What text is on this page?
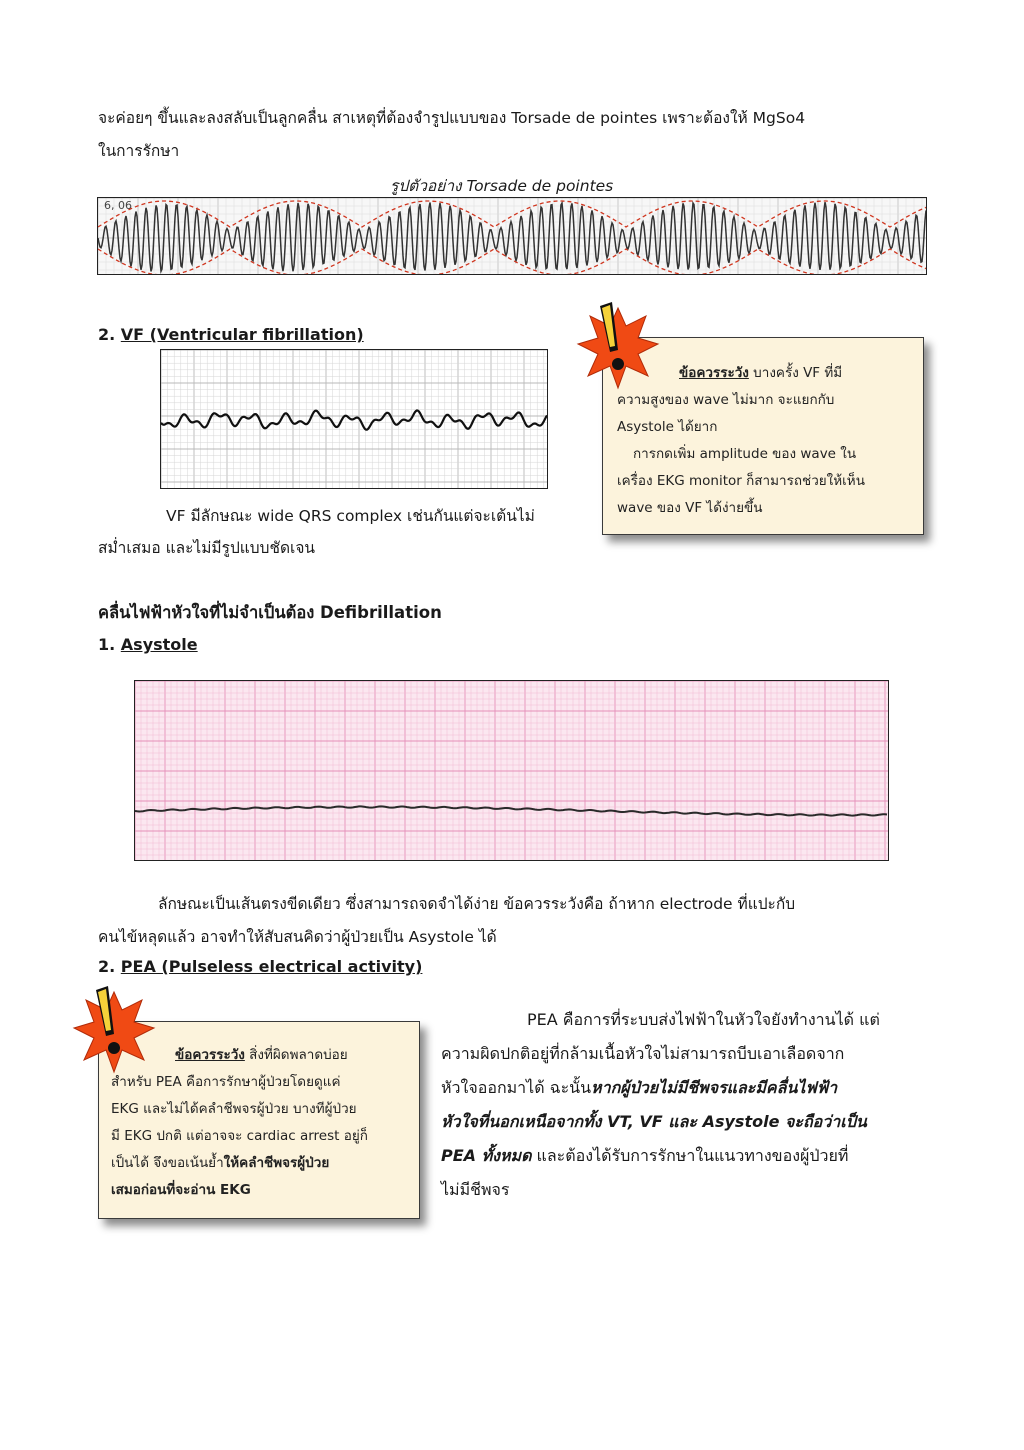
จะค่อยๆ ขึ้นและลงสลับเป็นลูกคลื่น สาเหตุที่ต้องจำรูปแบบของ Torsade de pointes เพราะต้องให้ MgSo4
ในการรักษา
รูปตัวอย่าง Torsade de pointes
6, 06
2. VF (Ventricular fibrillation)
VF มีลักษณะ wide QRS complex เช่นกันแต่จะเต้นไม่
สม่ำเสมอ และไม่มีรูปแบบชัดเจน
ข้อควรระวัง บางครั้ง VF ที่มี
ความสูงของ wave ไม่มาก จะแยกกับ
Asystole ได้ยาก
การกดเพิ่ม amplitude ของ wave ใน
เครื่อง EKG monitor ก็สามารถช่วยให้เห็น
wave ของ VF ได้ง่ายขึ้น
คลื่นไฟฟ้าหัวใจที่ไม่จำเป็นต้อง Defibrillation
1. Asystole
ลักษณะเป็นเส้นตรงขีดเดียว ซึ่งสามารถจดจำได้ง่าย ข้อควรระวังคือ ถ้าหาก electrode ที่แปะกับ
คนไข้หลุดแล้ว อาจทำให้สับสนคิดว่าผู้ป่วยเป็น Asystole ได้
2. PEA (Pulseless electrical activity)
ข้อควรระวัง สิ่งที่ผิดพลาดบ่อย
สำหรับ PEA คือการรักษาผู้ป่วยโดยดูแค่
EKG และไม่ได้คลำชีพจรผู้ป่วย บางทีผู้ป่วย
มี EKG ปกติ แต่อาจจะ cardiac arrest อยู่ก็
เป็นได้ จึงขอเน้นย้ำให้คลำชีพจรผู้ป่วย
เสมอก่อนที่จะอ่าน EKG
PEA คือการที่ระบบส่งไฟฟ้าในหัวใจยังทำงานได้ แต่
ความผิดปกติอยู่ที่กล้ามเนื้อหัวใจไม่สามารถบีบเอาเลือดจาก
หัวใจออกมาได้ ฉะนั้นหากผู้ป่วยไม่มีชีพจรและมีคลื่นไฟฟ้า
หัวใจที่นอกเหนือจากทั้ง VT, VF และ Asystole จะถือว่าเป็น
PEA ทั้งหมด และต้องได้รับการรักษาในแนวทางของผู้ป่วยที่
ไม่มีชีพจร
